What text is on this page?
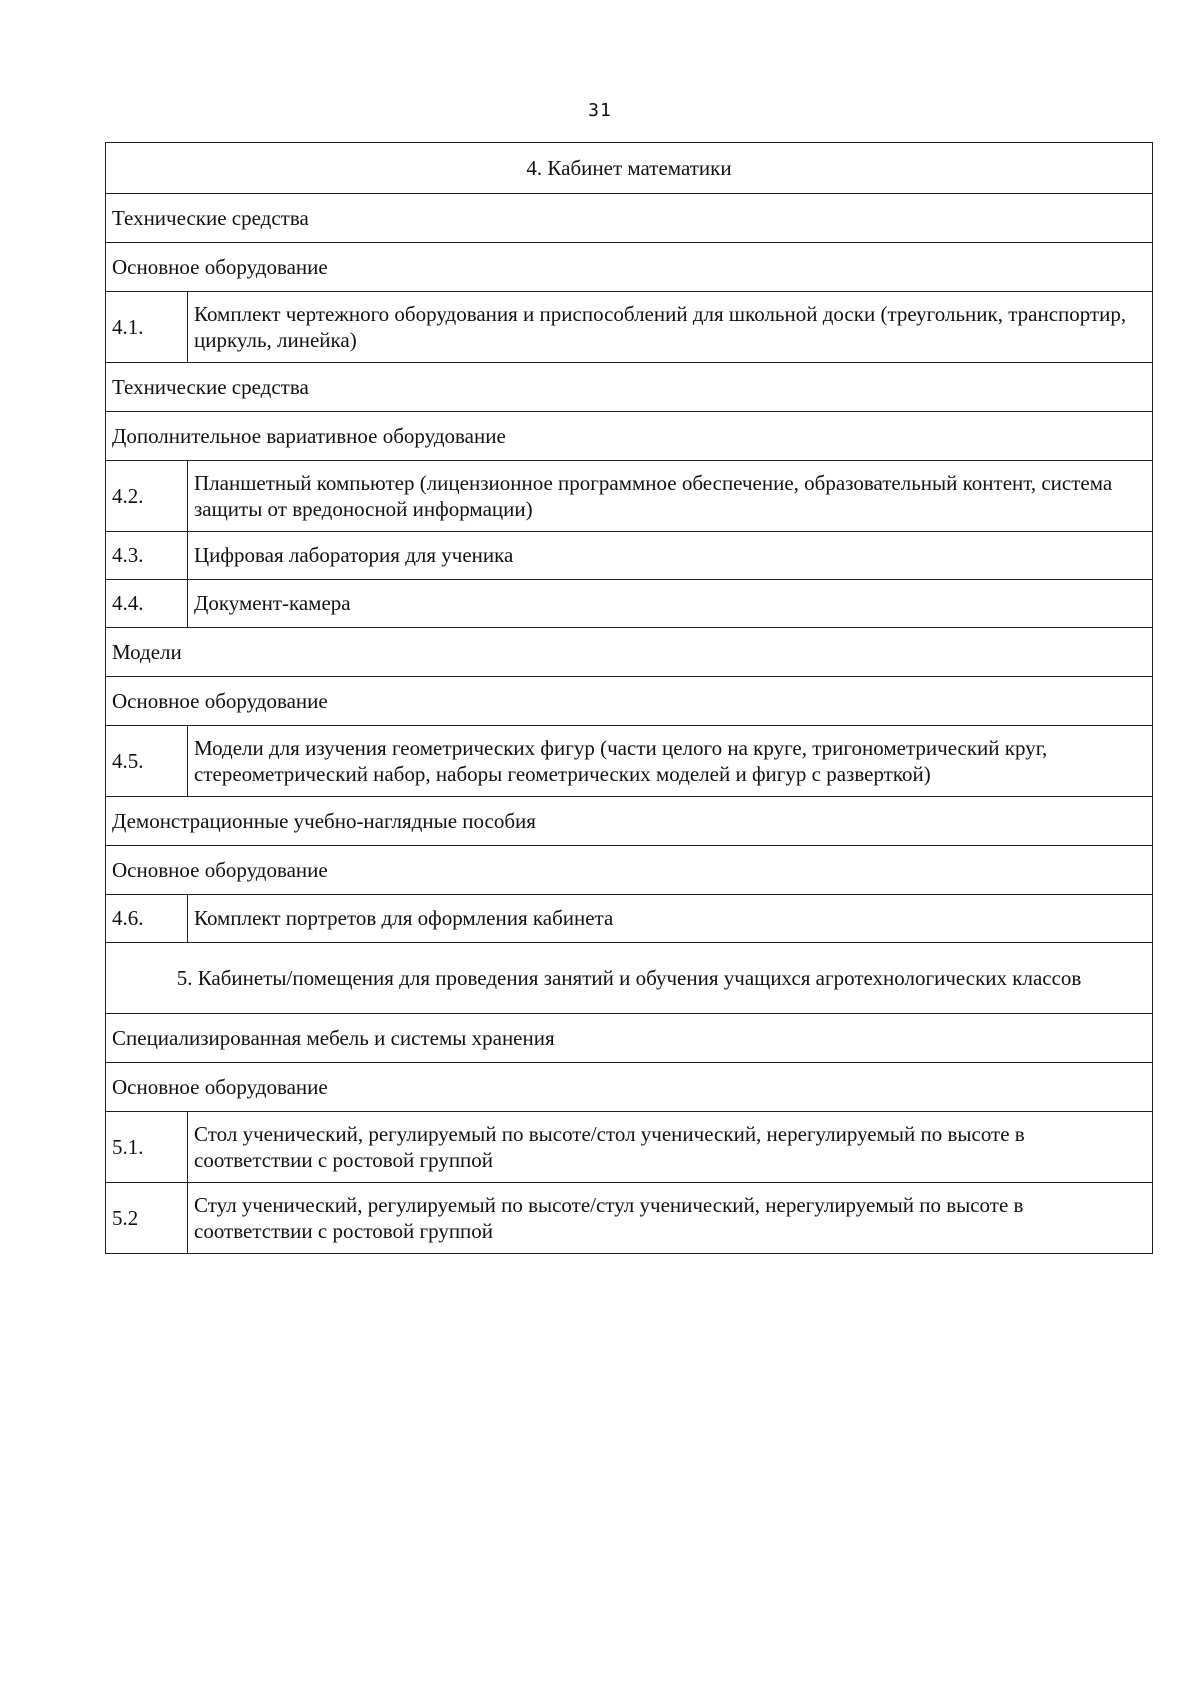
31
4. Кабинет математики	
Технические средства	
Основное оборудование	
4.1.	Комплект чертежного оборудования и приспособлений для школьной доски (треугольник, транспортир, циркуль, линейка)
Технические средства	
Дополнительное вариативное оборудование	
4.2.	Планшетный компьютер (лицензионное программное обеспечение, образовательный контент, система защиты от вредоносной информации)
4.3.	Цифровая лаборатория для ученика
4.4.	Документ-камера
Модели	
Основное оборудование	
4.5.	Модели для изучения геометрических фигур (части целого на круге, тригонометрический круг, стереометрический набор, наборы геометрических моделей и фигур с разверткой)
Демонстрационные учебно-наглядные пособия	
Основное оборудование	
4.6.	Комплект портретов для оформления кабинета
5. Кабинеты/помещения для проведения занятий и обучения учащихся агротехнологических классов	
Специализированная мебель и системы хранения	
Основное оборудование	
5.1.	Стол ученический, регулируемый по высоте/стол ученический, нерегулируемый по высоте в соответствии с ростовой группой
5.2	Стул ученический, регулируемый по высоте/стул ученический, нерегулируемый по высоте в соответствии с ростовой группой
